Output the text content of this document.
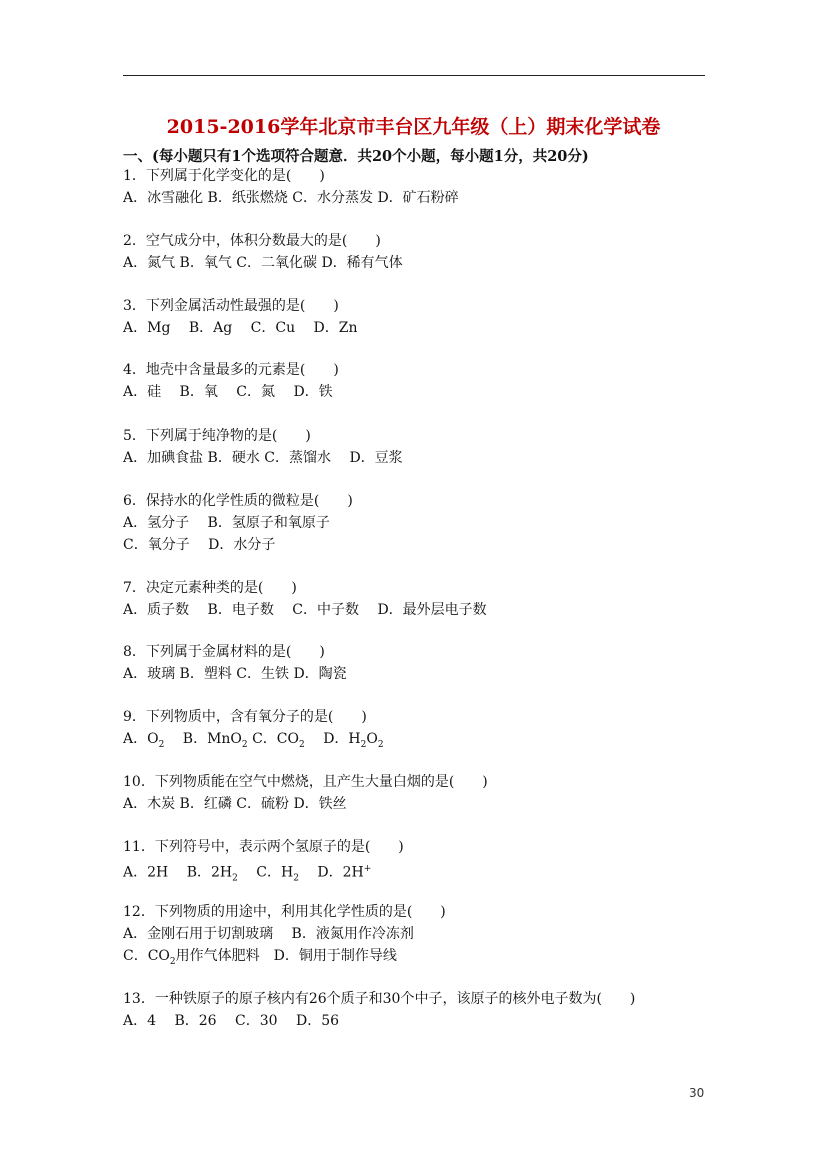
2015-2016学年北京市丰台区九年级（上）期末化学试卷
一、(每小题只有1个选项符合题意．共20个小题，每小题1分，共20分)
1．下列属于化学变化的是(　　)
A．冰雪融化 B．纸张燃烧 C．水分蒸发 D．矿石粉碎
2．空气成分中，体积分数最大的是(　　)
A．氮气 B．氧气 C．二氧化碳 D．稀有气体
3．下列金属活动性最强的是(　　)
A．Mg　 B．Ag　 C．Cu　 D．Zn
4．地壳中含量最多的元素是(　　)
A．硅　 B．氧　 C．氮　 D．铁
5．下列属于纯净物的是(　　)
A．加碘食盐 B．硬水 C．蒸馏水　 D．豆浆
6．保持水的化学性质的微粒是(　　)
A．氢分子　 B．氢原子和氧原子
C．氧分子　 D．水分子
7．决定元素种类的是(　　)
A．质子数　 B．电子数　 C．中子数　 D．最外层电子数
8．下列属于金属材料的是(　　)
A．玻璃 B．塑料 C．生铁 D．陶瓷
9．下列物质中，含有氧分子的是(　　)
A．$O_2$　 B．MnO$_2$ C．$CO_2$　 D．$H_2O_2$
10．下列物质能在空气中燃烧，且产生大量白烟的是(　　)
A．木炭 B．红磷 C．硫粉 D．铁丝
11．下列符号中，表示两个氢原子的是(　　)
A．2H　 B．$2H_2$　 C．$H_2$　 D．2H+
12．下列物质的用途中，利用其化学性质的是(　　)
A．金刚石用于切割玻璃　 B．液氮用作冷冻剂
C．$CO_2$用作气体肥料　D．铜用于制作导线
13．一种铁原子的原子核内有26个质子和30个中子，该原子的核外电子数为(　　)
A．4　 B．26　 C．30　 D．56
30
